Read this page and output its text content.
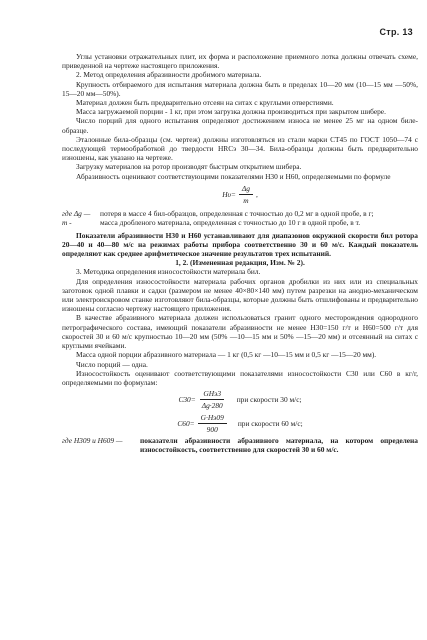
Стр. 13

Углы установки отражательных плит, их форма и расположение приемного лотка должны отвечать схеме, приведенной на чертеже настоящего приложения.

2. Метод определения абразивности дробимого материала.

Крупность отбираемого для испытания материала должна быть в пределах 10—20 мм (10—15 мм —50%, 15—20 мм—50%).

Материал должен быть предварительно отсеян на ситах с круглыми отверстиями.

Масса загружаемой порции - 1 кг, при этом загрузка должна производиться при закрытом шибере.

Число порций для одного испытания определяют достижением износа не менее 25 мг на одном биле-образце.

Эталонные била-образцы (см. чертеж) должны изготовляться из стали марки СТ45 по ГОСТ 1050—74 с последующей термообработкой до твердости HRCэ 30—34. Била-образцы должны быть предварительно изношены, как указано на чертеже.

Загрузку материалов на ротор производят быстрым открытием шибера.

Абразивность оценивают соответствующими показателями H30 и H60, определяемыми по формуле

$H\upsilon= \frac{\Delta g}{m}$ ,
где Δg —	потеря в массе 4 бил-образцов, определенная с точностью до 0,2 мг в одной пробе, в г;
m -	масса дробленого материала, определенная с точностью до 10 г в одной пробе, в т.

Показатели абразивности H30 и H60 устанавливают для диапазонов окружной скорости бил ротора 20—40 и 40—80 м/с на режимах работы прибора соответственно 30 и 60 м/с. Каждый показатель определяют как среднее арифметическое значение результатов трех испытаний.

1, 2. (Измененная редакция, Изм. № 2).

3. Методика определения износостойкости материала бил.

Для определения износостойкости материала рабочих органов дробилки из них или из специальных заготовок одной плавки и садки (размером не менее 40×80×140 мм) путем разрезки на анодно-механическом или электроискровом станке изготовляют била-образцы, которые должны быть отшлифованы и предварительно изношены согласно чертежу настоящего приложения.

В качестве абразивного материала должен использоваться гранит одного месторождения однородного петрографического состава, имеющий показатели абразивности не менее H30=150 г/т и H60=500 г/т для скоростей 30 и 60 м/с крупностью 10—20 мм (50% —10—15 мм и 50% —15—20 мм) и отсеянный на ситах с круглыми ячейками.

Масса одной порции абразивного материала — 1 кг (0,5 кг —10—15 мм и 0,5 кг —15—20 мм).

Число порций — одна.

Износостойкость оценивают соответствующими показателями износостойкости C30 или C60 в кг/г, определяемыми по формулам:

$C30= \frac{\text{GHэ3}}{\Delta g\cdot 280}$ при скорости 30 м/с;
$C60= \frac{G\cdot Hэ09}{900}$ при скорости 60 м/с;
где H309 и H609 —	показатели абразивности абразивного материала, на котором определена износостойкость, соответственно для скоростей 30 и 60 м/с.
